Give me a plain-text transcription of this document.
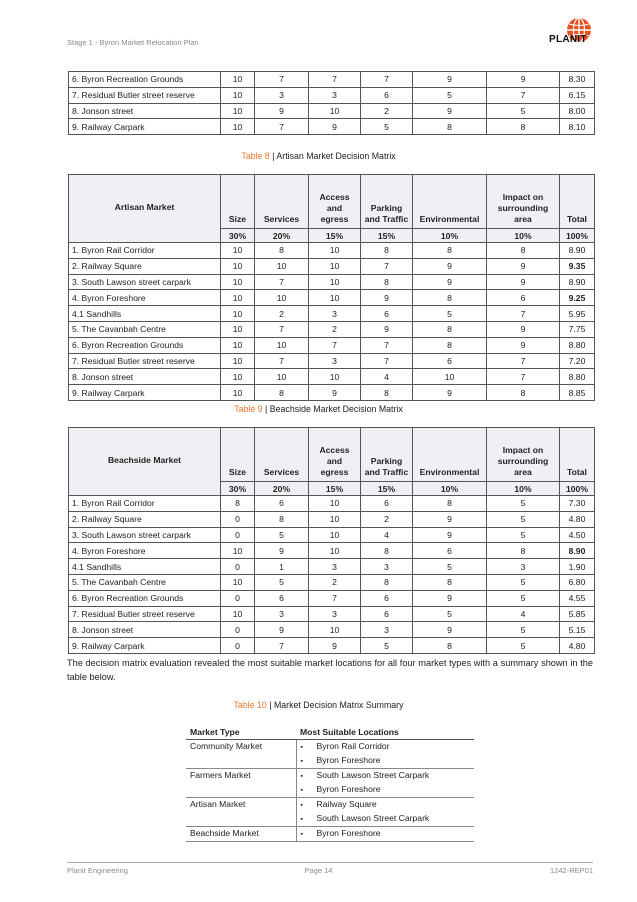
Stage 1 - Byron Market Relocation Plan	PLANIT
6. Byron Recreation Grounds	10	7	7	7	9	9	8.30
7. Residual Butler street reserve	10	3	3	6	5	7	6.15
8. Jonson street	10	9	10	2	9	5	8.00
9. Railway Carpark	10	7	9	5	8	8	8.10
Table 8 | Artisan Market Decision Matrix
Artisan Market	Size	Services	Access and egress	Parking and Traffic	Environmental	Impact on surrounding area	Total
	30%	20%	15%	15%	10%	10%	100%
1. Byron Rail Corridor	10	8	10	8	8	8	8.90
2. Railway Square	10	10	10	7	9	9	9.35
3. South Lawson street carpark	10	7	10	8	9	9	8.90
4. Byron Foreshore	10	10	10	9	8	6	9.25
4.1 Sandhills	10	2	3	6	5	7	5.95
5. The Cavanbah Centre	10	7	2	9	8	9	7.75
6. Byron Recreation Grounds	10	10	7	7	8	9	8.80
7. Residual Butler street reserve	10	7	3	7	6	7	7.20
8. Jonson street	10	10	10	4	10	7	8.80
9. Railway Carpark	10	8	9	8	9	8	8.85
Table 9 | Beachside Market Decision Matrix
Beachside Market	Size	Services	Access and egress	Parking and Traffic	Environmental	Impact on surrounding area	Total
	30%	20%	15%	15%	10%	10%	100%
1. Byron Rail Corridor	8	6	10	6	8	5	7.30
2. Railway Square	0	8	10	2	9	5	4.80
3. South Lawson street carpark	0	5	10	4	9	5	4.50
4. Byron Foreshore	10	9	10	8	6	8	8.90
4.1 Sandhills	0	1	3	3	5	3	1.90
5. The Cavanbah Centre	10	5	2	8	8	5	6.80
6. Byron Recreation Grounds	0	6	7	6	9	5	4.55
7. Residual Butler street reserve	10	3	3	6	5	4	5.85
8. Jonson street	0	9	10	3	9	5	5.15
9. Railway Carpark	0	7	9	5	8	5	4.80
The decision matrix evaluation revealed the most suitable market locations for all four market types with a summary shown in the table below.
Table 10 | Market Decision Matrix Summary
Market Type	Most Suitable Locations
Community Market	▪ Byron Rail Corridor
	▪ Byron Foreshore
Farmers Market	▪ South Lawson Street Carpark
	▪ Byron Foreshore
Artisan Market	▪ Railway Square
	▪ South Lawson Street Carpark
Beachside Market	▪ Byron Foreshore
Planit Engineering	Page 14	1242-REP01
